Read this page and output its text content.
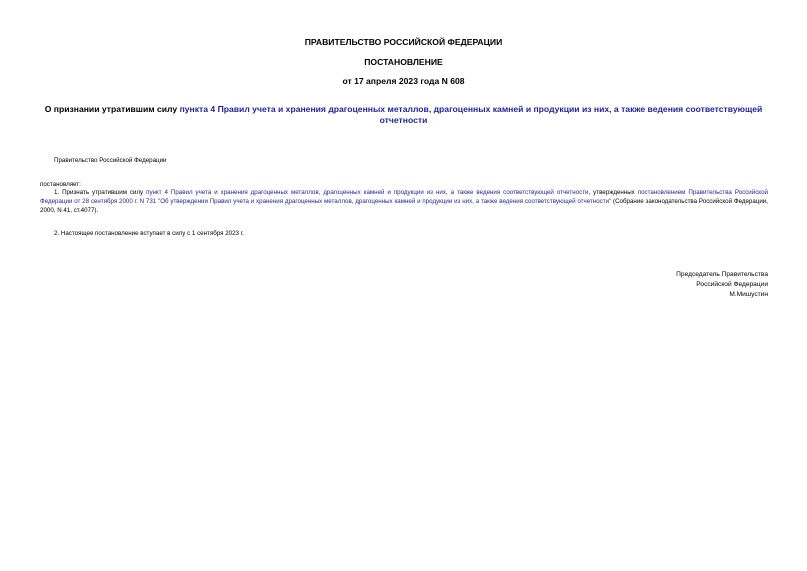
ПРАВИТЕЛЬСТВО РОССИЙСКОЙ ФЕДЕРАЦИИ
ПОСТАНОВЛЕНИЕ
от 17 апреля 2023 года N 608
О признании утратившим силу пункта 4 Правил учета и хранения драгоценных металлов, драгоценных камней и продукции из них, а также ведения соответствующей отчетности
Правительство Российской Федерации
постановляет:
1. Признать утратившим силу пункт 4 Правил учета и хранения драгоценных металлов, драгоценных камней и продукции из них, а также ведения соответствующей отчетности, утвержденных постановлением Правительства Российской Федерации от 28 сентября 2000 г. N 731 "Об утверждении Правил учета и хранения драгоценных металлов, драгоценных камней и продукции из них, а также ведения соответствующей отчетности" (Собрание законодательства Российской Федерации, 2000, N 41, ст.4077).
2. Настоящее постановление вступает в силу с 1 сентября 2023 г.
Председатель Правительства
Российской Федерации
М.Мишустин
